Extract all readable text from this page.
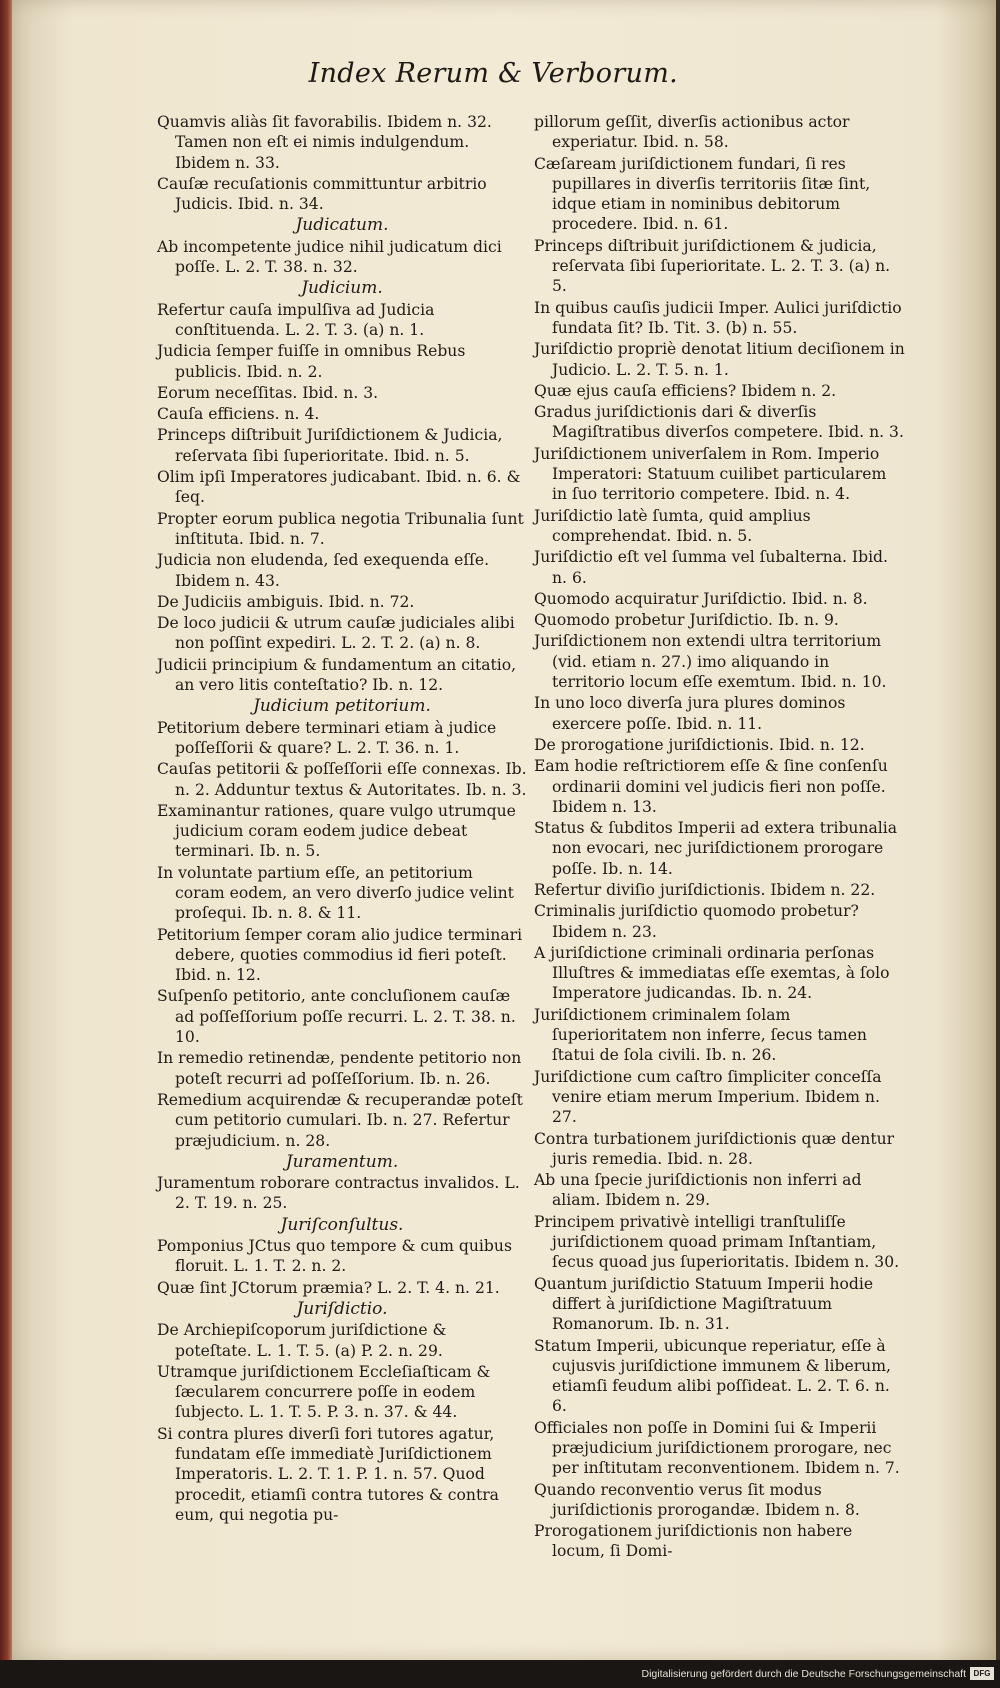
Index Rerum & Verborum.
Quamvis aliàs ſit favorabilis. Ibidem n. 32. Tamen non eſt ei nimis indulgendum. Ibidem n. 33.
Cauſæ recuſationis committuntur arbitrio Judicis. Ibid. n. 34.
Judicatum.
Ab incompetente judice nihil judicatum dici poſſe. L. 2. T. 38. n. 32.
Judicium.
Refertur cauſa impulſiva ad Judicia conſtituenda. L. 2. T. 3. (a) n. 1.
Judicia ſemper fuiſſe in omnibus Rebus publicis. Ibid. n. 2.
Eorum neceſſitas. Ibid. n. 3.
Cauſa efficiens. n. 4.
Princeps diſtribuit Juriſdictionem & Judicia, reſervata ſibi ſuperioritate. Ibid. n. 5.
Olim ipſi Imperatores judicabant. Ibid. n. 6. & ſeq.
Propter eorum publica negotia Tribunalia ſunt inſtituta. Ibid. n. 7.
Judicia non eludenda, ſed exequenda eſſe. Ibidem n. 43.
De Judiciis ambiguis. Ibid. n. 72.
De loco judicii & utrum cauſæ judiciales alibi non poſſint expediri. L. 2. T. 2. (a) n. 8.
Judicii principium & fundamentum an citatio, an vero litis conteſtatio? Ib. n. 12.
Judicium petitorium.
Petitorium debere terminari etiam à judice poſſeſſorii & quare? L. 2. T. 36. n. 1.
Cauſas petitorii & poſſeſſorii eſſe connexas. Ib. n. 2. Adduntur textus & Autoritates. Ib. n. 3.
Examinantur rationes, quare vulgo utrumque judicium coram eodem judice debeat terminari. Ib. n. 5.
In voluntate partium eſſe, an petitorium coram eodem, an vero diverſo judice velint proſequi. Ib. n. 8. & 11.
Petitorium ſemper coram alio judice terminari debere, quoties commodius id fieri poteſt. Ibid. n. 12.
Suſpenſo petitorio, ante concluſionem cauſæ ad poſſeſſorium poſſe recurri. L. 2. T. 38. n. 10.
In remedio retinendæ, pendente petitorio non poteſt recurri ad poſſeſſorium. Ib. n. 26.
Remedium acquirendæ & recuperandæ poteſt cum petitorio cumulari. Ib. n. 27. Refertur præjudicium. n. 28.
Juramentum.
Juramentum roborare contractus invalidos. L. 2. T. 19. n. 25.
Juriſconſultus.
Pomponius JCtus quo tempore & cum quibus floruit. L. 1. T. 2. n. 2.
Quæ ſint JCtorum præmia? L. 2. T. 4. n. 21.
Juriſdictio.
De Archiepiſcoporum juriſdictione & poteſtate. L. 1. T. 5. (a) P. 2. n. 29.
Utramque juriſdictionem Eccleſiaſticam & ſæcularem concurrere poſſe in eodem ſubjecto. L. 1. T. 5. P. 3. n. 37. & 44.
Si contra plures diverſi fori tutores agatur, fundatam eſſe immediatè Juriſdictionem Imperatoris. L. 2. T. 1. P. 1. n. 57. Quod procedit, etiamſi contra tutores & contra eum, qui negotia pu-
pillorum geſſit, diverſis actionibus actor experiatur. Ibid. n. 58.
Cæſaream juriſdictionem fundari, ſi res pupillares in diverſis territoriis ſitæ ſint, idque etiam in nominibus debitorum procedere. Ibid. n. 61.
Princeps diſtribuit juriſdictionem & judicia, reſervata ſibi ſuperioritate. L. 2. T. 3. (a) n. 5.
In quibus cauſis judicii Imper. Aulici juriſdictio fundata ſit? Ib. Tit. 3. (b) n. 55.
Juriſdictio propriè denotat litium deciſionem in Judicio. L. 2. T. 5. n. 1.
Quæ ejus cauſa efficiens? Ibidem n. 2.
Gradus juriſdictionis dari & diverſis Magiſtratibus diverſos competere. Ibid. n. 3.
Juriſdictionem univerſalem in Rom. Imperio Imperatori: Statuum cuilibet particularem in ſuo territorio competere. Ibid. n. 4.
Juriſdictio latè ſumta, quid amplius comprehendat. Ibid. n. 5.
Juriſdictio eſt vel ſumma vel ſubalterna. Ibid. n. 6.
Quomodo acquiratur Juriſdictio. Ibid. n. 8.
Quomodo probetur Juriſdictio. Ib. n. 9.
Juriſdictionem non extendi ultra territorium (vid. etiam n. 27.) imo aliquando in territorio locum eſſe exemtum. Ibid. n. 10.
In uno loco diverſa jura plures dominos exercere poſſe. Ibid. n. 11.
De prorogatione juriſdictionis. Ibid. n. 12.
Eam hodie reſtrictiorem eſſe & ſine conſenſu ordinarii domini vel judicis fieri non poſſe. Ibidem n. 13.
Status & ſubditos Imperii ad extera tribunalia non evocari, nec juriſdictionem prorogare poſſe. Ib. n. 14.
Refertur diviſio juriſdictionis. Ibidem n. 22.
Criminalis juriſdictio quomodo probetur? Ibidem n. 23.
A juriſdictione criminali ordinaria perſonas Illuſtres & immediatas eſſe exemtas, à ſolo Imperatore judicandas. Ib. n. 24.
Juriſdictionem criminalem ſolam ſuperioritatem non inferre, ſecus tamen ſtatui de ſola civili. Ib. n. 26.
Juriſdictione cum caſtro ſimpliciter conceſſa venire etiam merum Imperium. Ibidem n. 27.
Contra turbationem juriſdictionis quæ dentur juris remedia. Ibid. n. 28.
Ab una ſpecie juriſdictionis non inferri ad aliam. Ibidem n. 29.
Principem privativè intelligi tranſtuliſſe juriſdictionem quoad primam Inſtantiam, ſecus quoad jus ſuperioritatis. Ibidem n. 30.
Quantum juriſdictio Statuum Imperii hodie differt à juriſdictione Magiſtratuum Romanorum. Ib. n. 31.
Statum Imperii, ubicunque reperiatur, eſſe à cujusvis juriſdictione immunem & liberum, etiamſi feudum alibi poſſideat. L. 2. T. 6. n. 6.
Officiales non poſſe in Domini ſui & Imperii præjudicium juriſdictionem prorogare, nec per inſtitutam reconventionem. Ibidem n. 7.
Quando reconventio verus ſit modus juriſdictionis prorogandæ. Ibidem n. 8.
Prorogationem juriſdictionis non habere locum, ſi Domi-
Digitalisierung gefördert durch die Deutsche Forschungsgemeinschaft DFG
